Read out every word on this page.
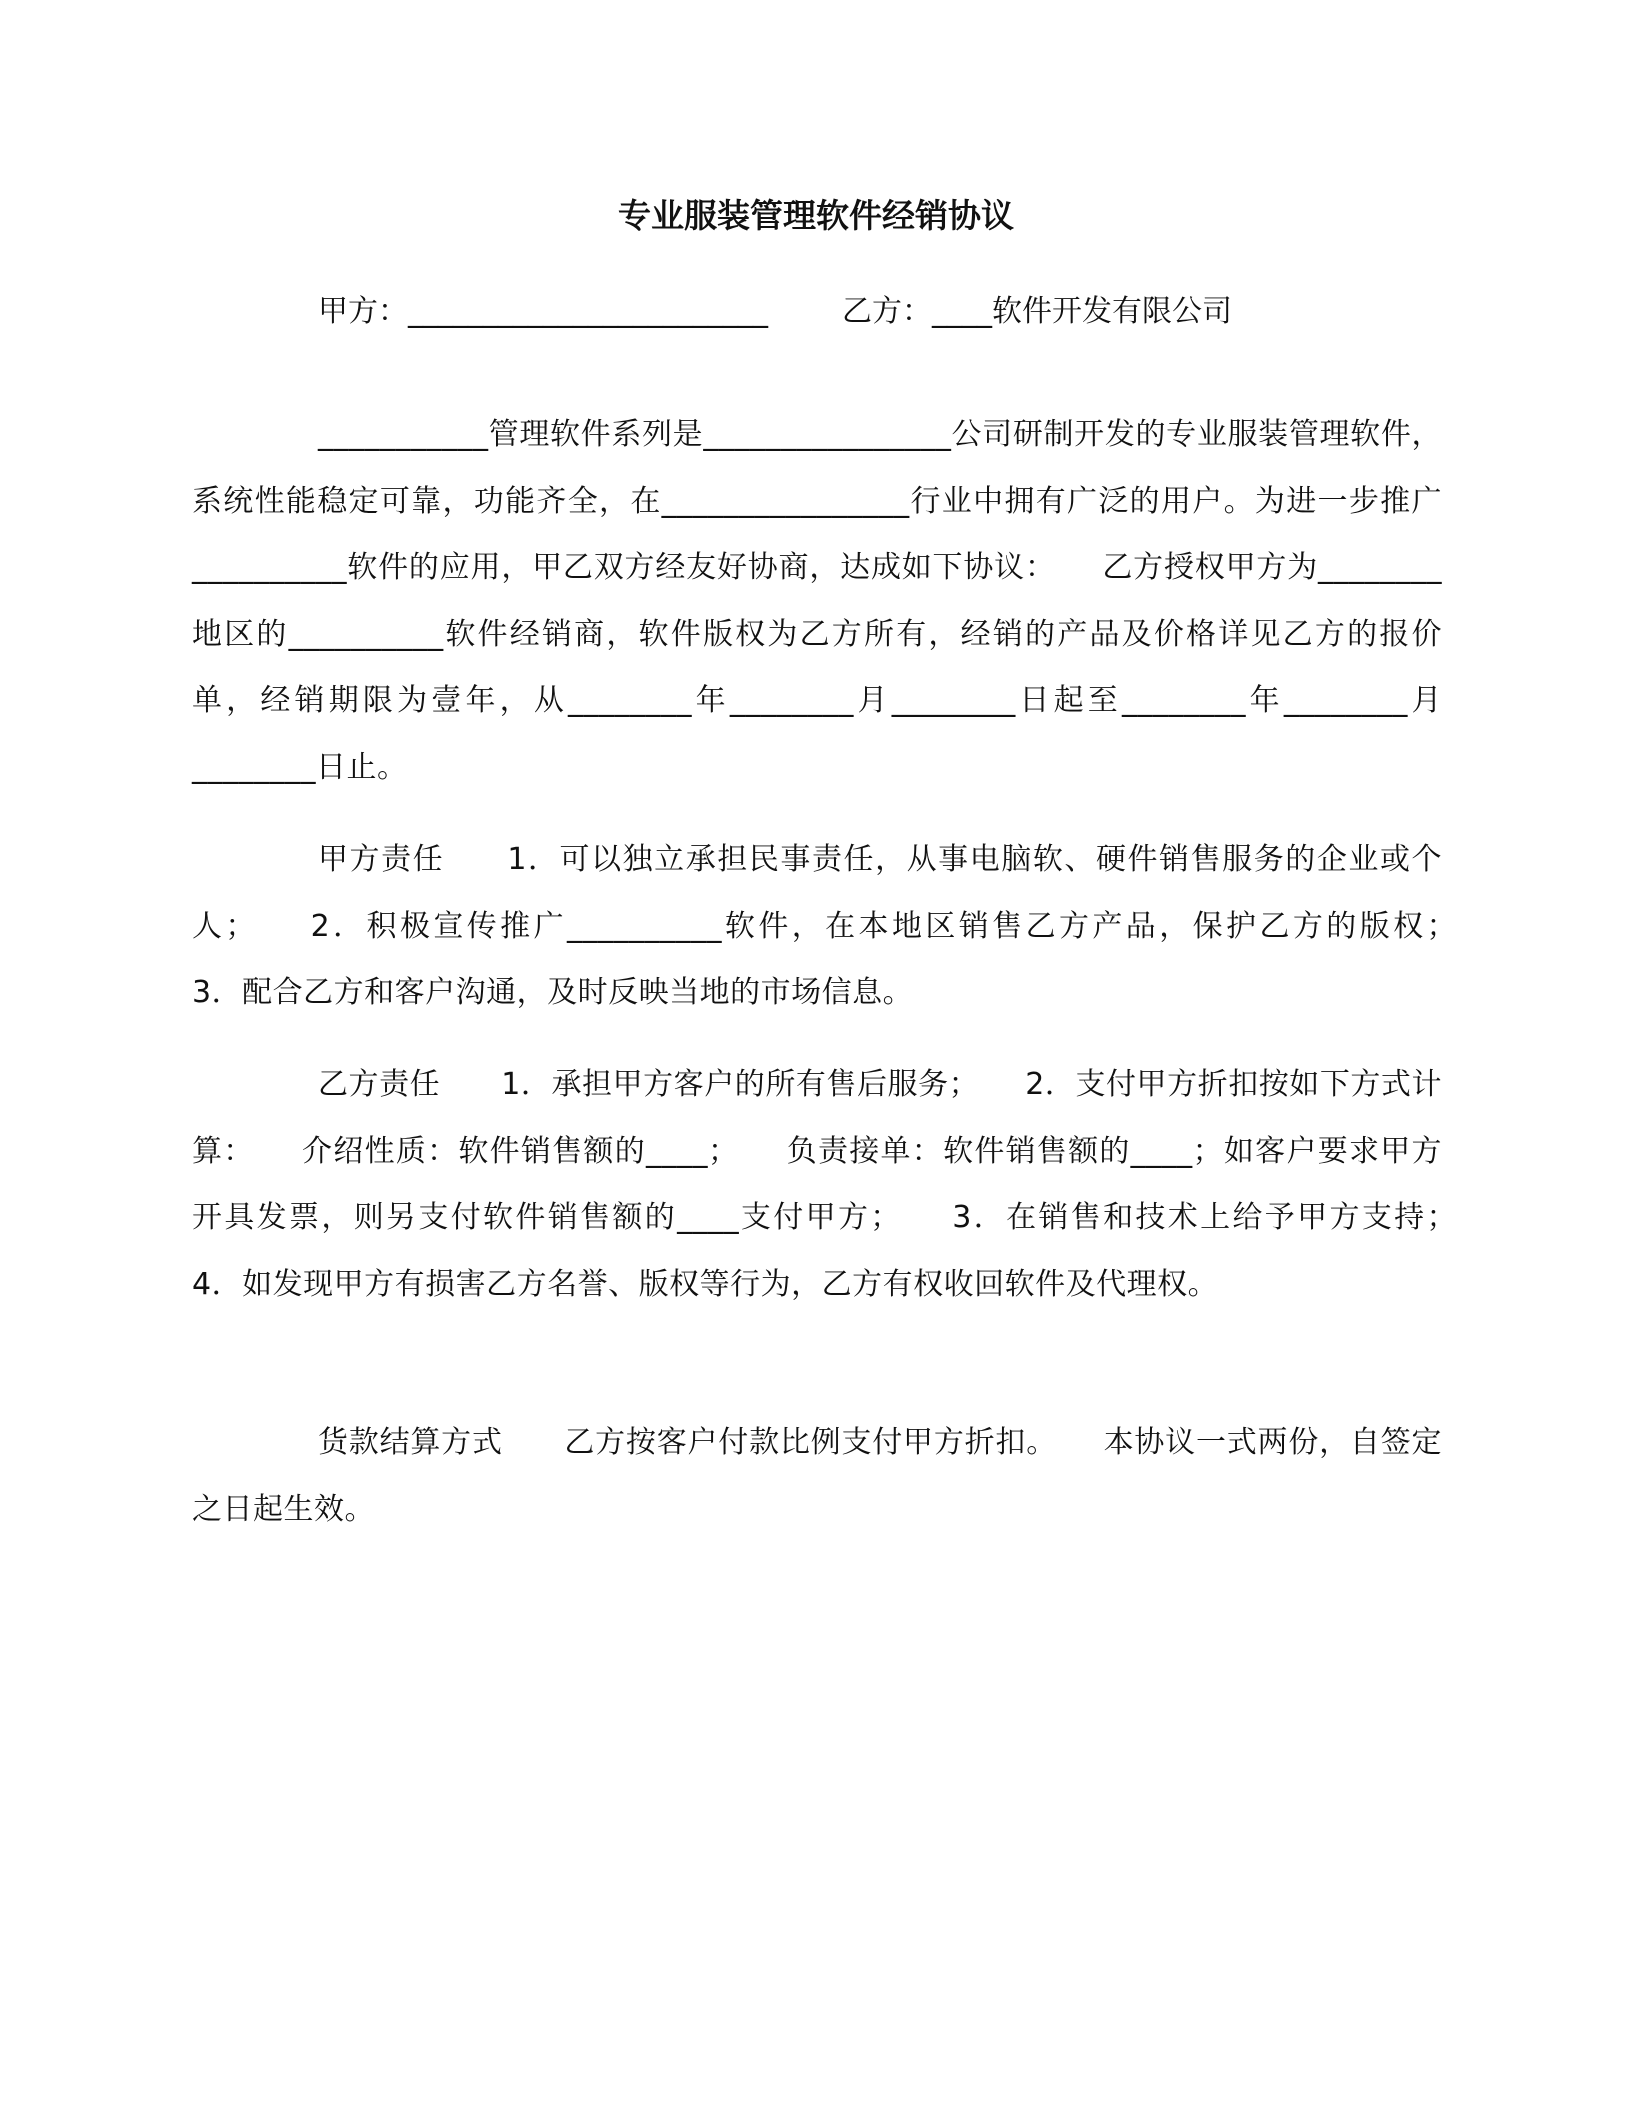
专业服装管理软件经销协议
甲方：________________________ 乙方：____软件开发有限公司

___________管理软件系列是________________公司研制开发的专业服装管理软件，系统性能稳定可靠，功能齐全，在________________行业中拥有广泛的用户。为进一步推广__________软件的应用，甲乙双方经友好协商，达成如下协议：　　乙方授权甲方为________地区的__________软件经销商，软件版权为乙方所有，经销的产品及价格详见乙方的报价单，经销期限为壹年，从________年________月________日起至________年________月________日止。

甲方责任　　1．可以独立承担民事责任，从事电脑软、硬件销售服务的企业或个人；　　2．积极宣传推广__________软件，在本地区销售乙方产品，保护乙方的版权；　　3．配合乙方和客户沟通，及时反映当地的市场信息。

乙方责任　　1．承担甲方客户的所有售后服务；　　2．支付甲方折扣按如下方式计算：　　介绍性质：软件销售额的____；　　负责接单：软件销售额的____；如客户要求甲方开具发票，则另支付软件销售额的____支付甲方；　　3．在销售和技术上给予甲方支持；　　4．如发现甲方有损害乙方名誉、版权等行为，乙方有权收回软件及代理权。

货款结算方式　　乙方按客户付款比例支付甲方折扣。　　本协议一式两份，自签定之日起生效。
